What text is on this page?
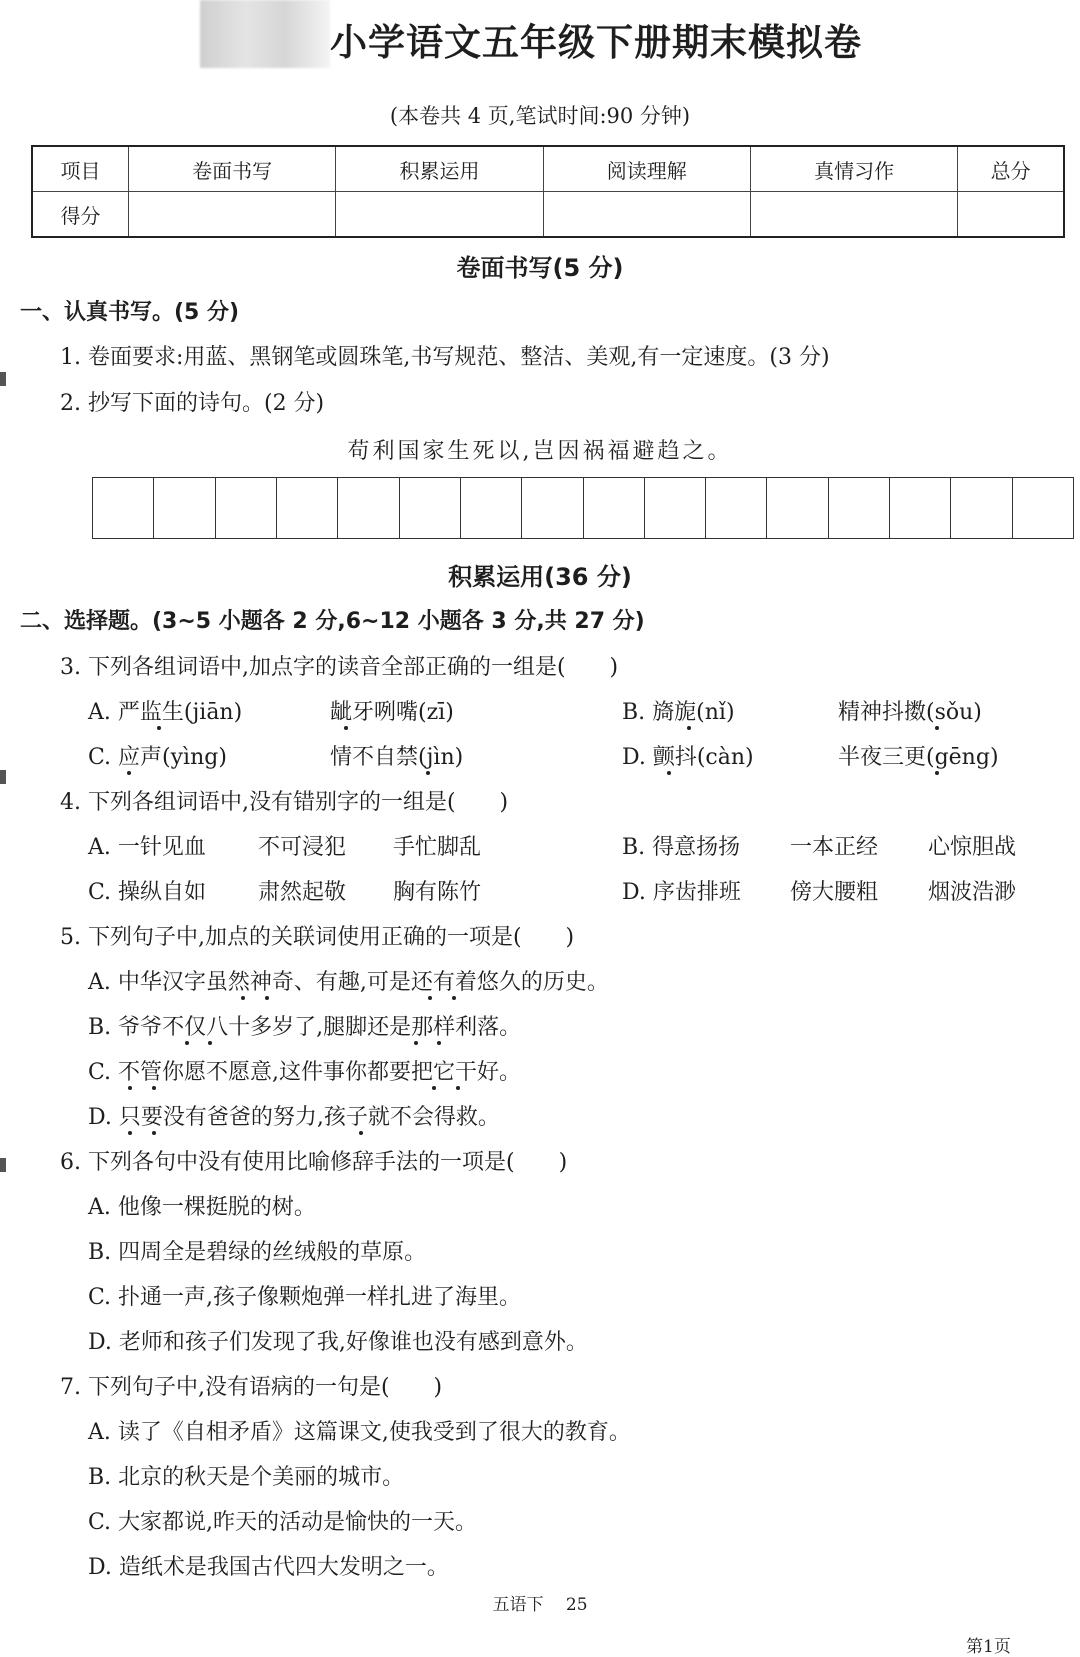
小学语文五年级下册期末模拟卷
(本卷共 4 页,笔试时间:90 分钟)
项目	卷面书写	积累运用	阅读理解	真情习作	总分
得分					
卷面书写(5 分)
一、认真书写。(5 分)
1. 卷面要求:用蓝、黑钢笔或圆珠笔,书写规范、整洁、美观,有一定速度。(3 分)
2. 抄写下面的诗句。(2 分)
苟利国家生死以,岂因祸福避趋之。
积累运用(36 分)
二、选择题。(3~5 小题各 2 分,6~12 小题各 3 分,共 27 分)
3. 下列各组词语中,加点字的读音全部正确的一组是(　　)
A. 严监生(jiān)	龇牙咧嘴(zī)	B. 旖旎(nǐ)	精神抖擞(sǒu)
C. 应声(yìng)	情不自禁(jìn)	D. 颤抖(càn)	半夜三更(gēng)
4. 下列各组词语中,没有错别字的一组是(　　)
A. 一针见血 不可浸犯 手忙脚乱	B. 得意扬扬 一本正经 心惊胆战
C. 操纵自如 肃然起敬 胸有陈竹	D. 序齿排班 傍大腰粗 烟波浩渺
5. 下列句子中,加点的关联词使用正确的一项是(　　)
A. 中华汉字虽然神奇、有趣,可是还有着悠久的历史。
B. 爷爷不仅八十多岁了,腿脚还是那样利落。
C. 不管你愿不愿意,这件事你都要把它干好。
D. 只要没有爸爸的努力,孩子就不会得救。
6. 下列各句中没有使用比喻修辞手法的一项是(　　)
A. 他像一棵挺脱的树。
B. 四周全是碧绿的丝绒般的草原。
C. 扑通一声,孩子像颗炮弹一样扎进了海里。
D. 老师和孩子们发现了我,好像谁也没有感到意外。
7. 下列句子中,没有语病的一句是(　　)
A. 读了《自相矛盾》这篇课文,使我受到了很大的教育。
B. 北京的秋天是个美丽的城市。
C. 大家都说,昨天的活动是愉快的一天。
D. 造纸术是我国古代四大发明之一。
五语下　 25
第1页
